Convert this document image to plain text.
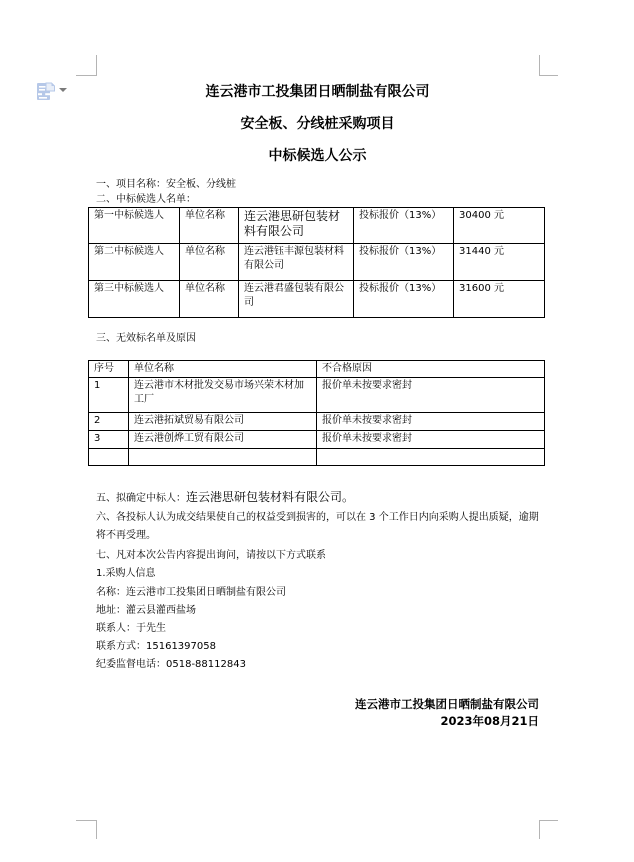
连云港市工投集团日晒制盐有限公司
安全板、分线桩采购项目
中标候选人公示
一、项目名称：安全板、分线桩
二、中标候选人名单：
第一中标候选人	单位名称	连云港思研包装材料有限公司	投标报价（13%）	30400 元
第二中标候选人	单位名称	连云港钰丰源包装材料有限公司	投标报价（13%）	31440 元
第三中标候选人	单位名称	连云港君盛包装有限公司	投标报价（13%）	31600 元
三、无效标名单及原因
序号	单位名称	不合格原因
1	连云港市木材批发交易市场兴荣木材加工厂	报价单未按要求密封
2	连云港拓斌贸易有限公司	报价单未按要求密封
3	连云港创烨工贸有限公司	报价单未按要求密封

五、拟确定中标人：连云港思研包装材料有限公司。
六、各投标人认为成交结果使自己的权益受到损害的，可以在 3 个工作日内向采购人提出质疑，逾期将不再受理。
七、凡对本次公告内容提出询问，请按以下方式联系
1.采购人信息
名称：连云港市工投集团日晒制盐有限公司
地址：灌云县灌西盐场
联系人：于先生
联系方式：15161397058
纪委监督电话：0518-88112843
连云港市工投集团日晒制盐有限公司
2023年08月21日
